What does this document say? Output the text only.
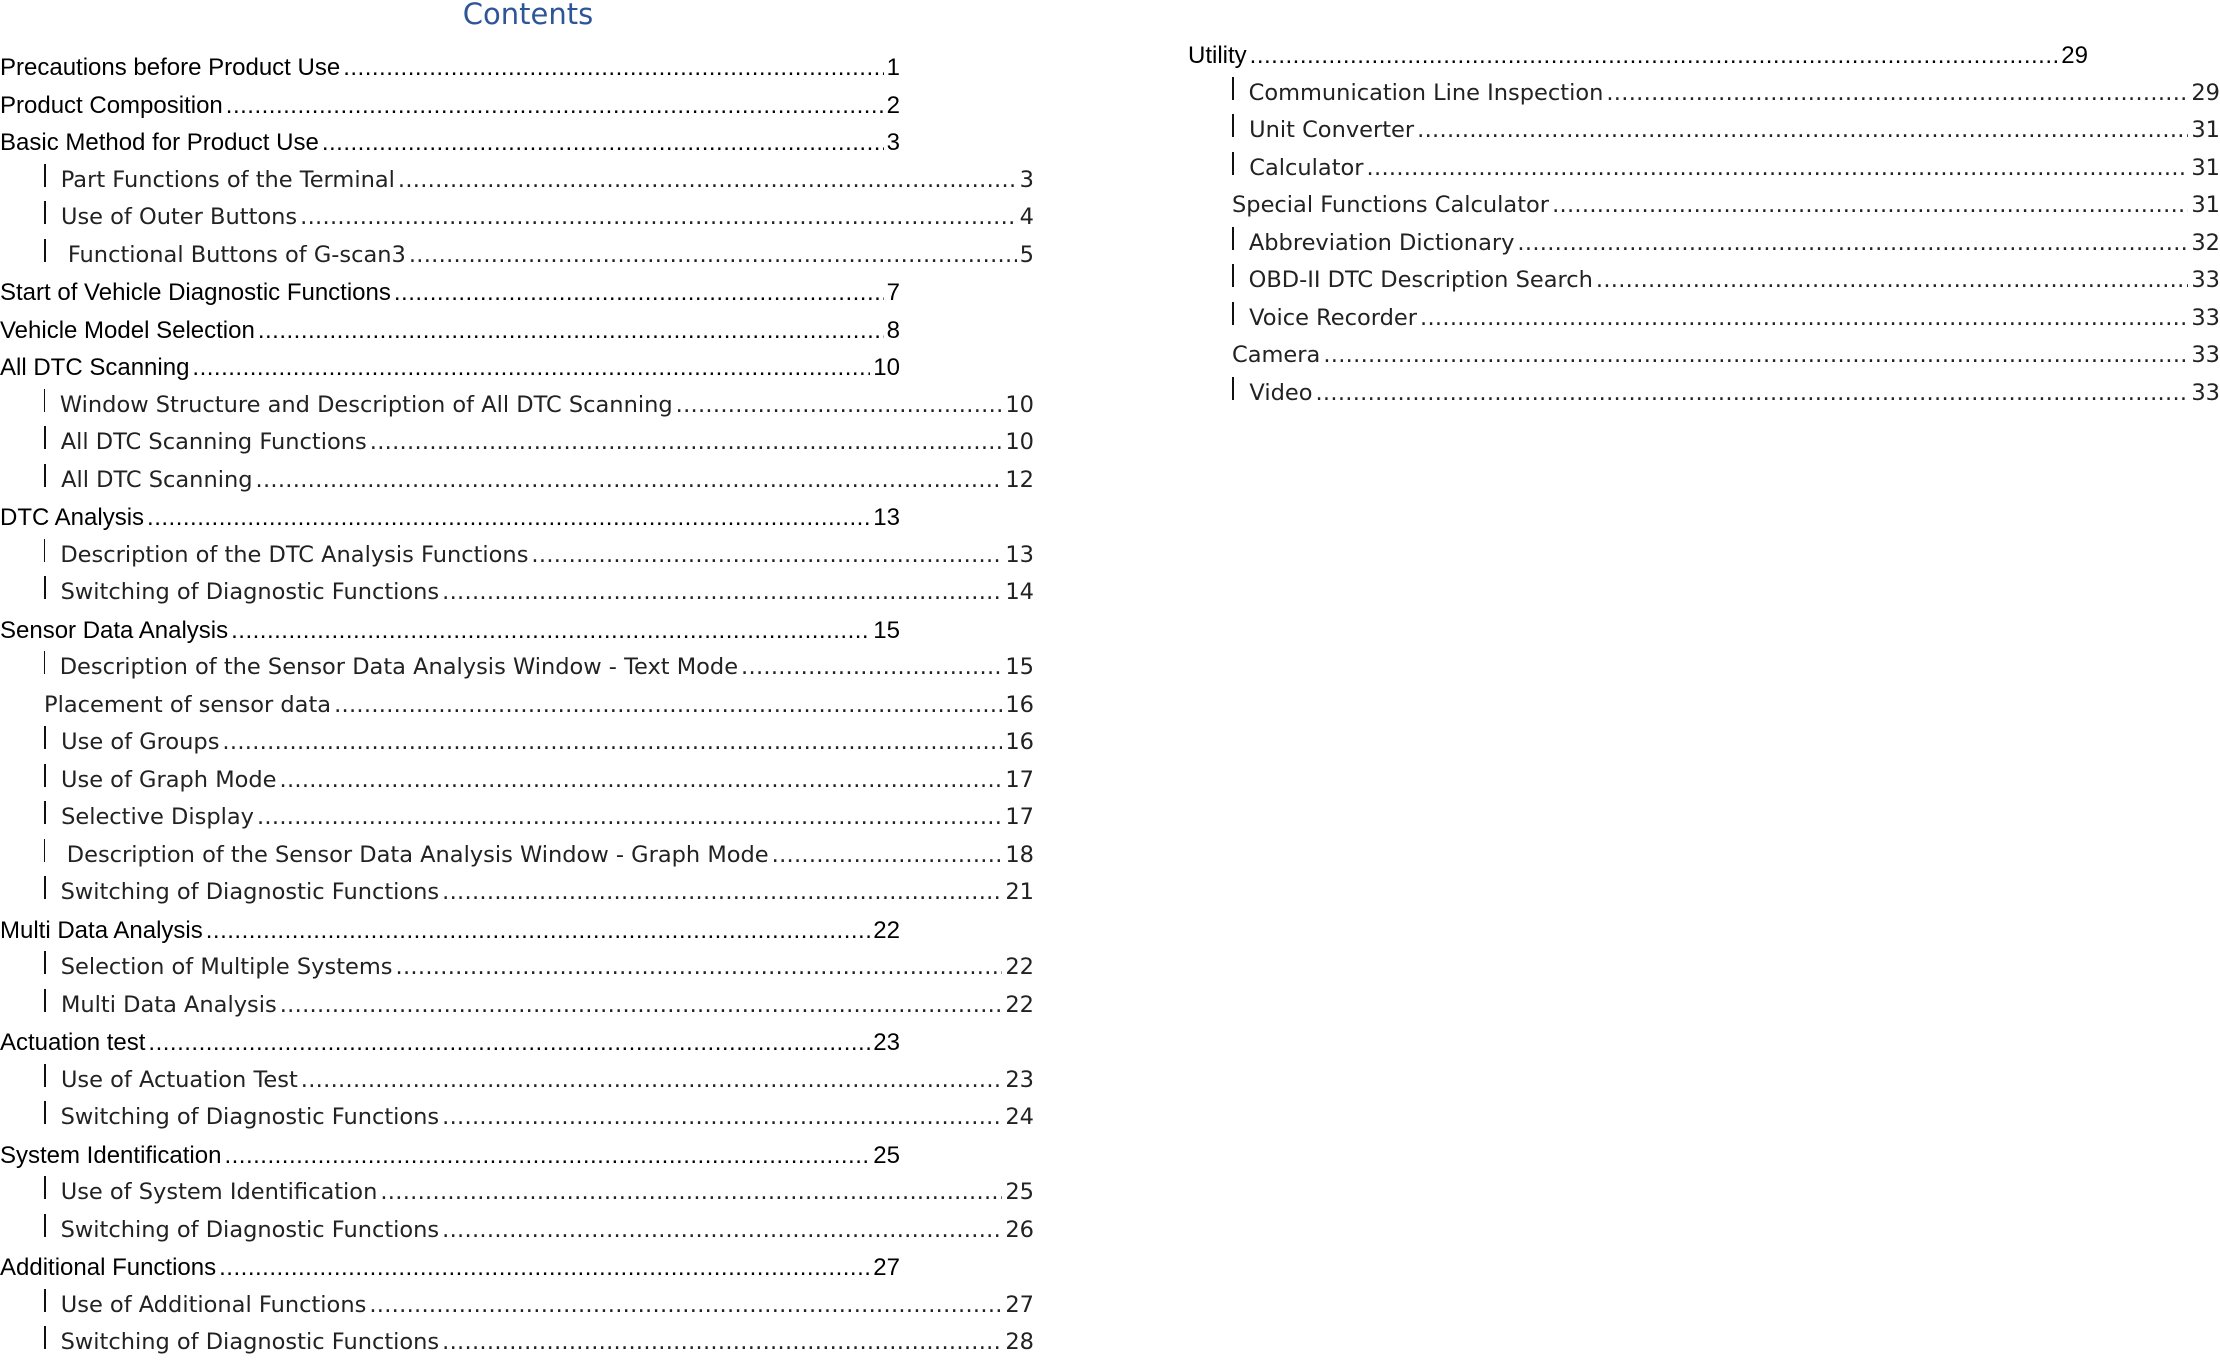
Contents
Precautions before Product Use .....	1
Product Composition .....	2
Basic Method for Product Use .....	3
Part Functions of the Terminal .....	3
Use of Outer Buttons .....	4
Functional Buttons of G-scan3 .....	5
Start of Vehicle Diagnostic Functions .....	7
Vehicle Model Selection .....	8
All DTC Scanning .....	10
Window Structure and Description of All DTC Scanning .....	10
All DTC Scanning Functions .....	10
All DTC Scanning .....	12
DTC Analysis .....	13
Description of the DTC Analysis Functions .....	13
Switching of Diagnostic Functions .....	14
Sensor Data Analysis .....	15
Description of the Sensor Data Analysis Window - Text Mode .....	15
Placement of sensor data .....	16
Use of Groups .....	16
Use of Graph Mode .....	17
Selective Display .....	17
Description of the Sensor Data Analysis Window - Graph Mode .....	18
Switching of Diagnostic Functions .....	21
Multi Data Analysis .....	22
Selection of Multiple Systems .....	22
Multi Data Analysis .....	22
Actuation test .....	23
Use of Actuation Test .....	23
Switching of Diagnostic Functions .....	24
System Identification .....	25
Use of System Identification .....	25
Switching of Diagnostic Functions .....	26
Additional Functions .....	27
Use of Additional Functions .....	27
Switching of Diagnostic Functions .....	28
Utility .....	29
Communication Line Inspection .....	29
Unit Converter .....	31
Calculator .....	31
Special Functions Calculator .....	31
Abbreviation Dictionary .....	32
OBD-II DTC Description Search .....	33
Voice Recorder .....	33
Camera .....	33
Video .....	33
